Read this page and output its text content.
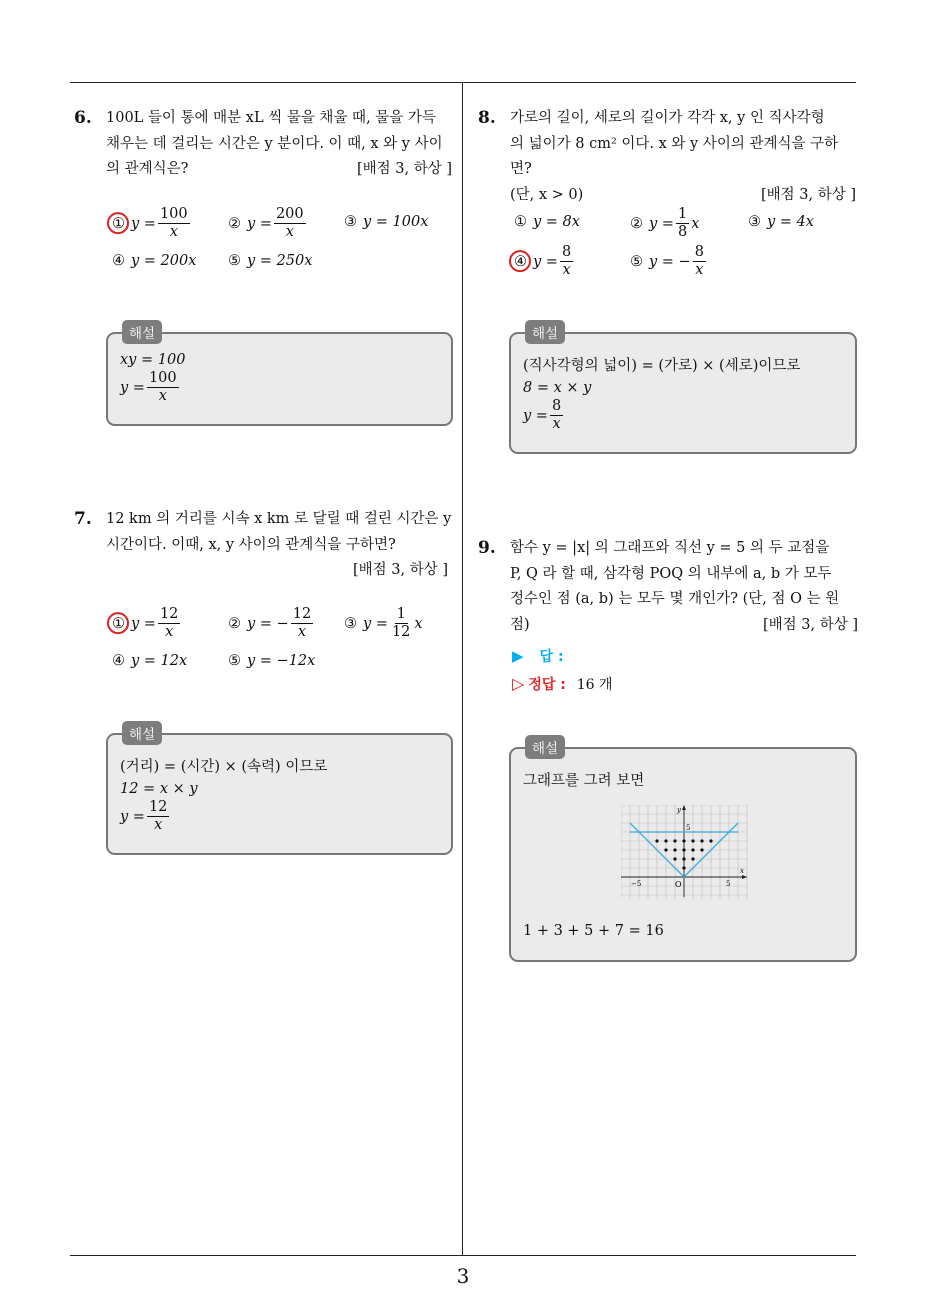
3
6. 100L 들이 통에 매분 xL 씩 물을 채울 때, 물을 가득
채우는 데 걸리는 시간은 y 분이다. 이 때, x 와 y 사이
의 관계식은?	[배점 3, 하상 ]
① $y = \frac{100}{x}$	② $y = \frac{200}{x}$	③ y = 100x
④ y = 200x ⑤ y = 250x
해설
xy = 100
$y = \frac{100}{x}$
7. 12 km 의 거리를 시속 x km 로 달릴 때 걸린 시간은 y
시간이다. 이때, x, y 사이의 관계식을 구하면?
[배점 3, 하상 ]
① $y = \frac{12}{x}$	② y = − $\frac{12}{x}$ ③ $y = \frac{1}{12}$ x
④ y = 12x	⑤ y = −12x
해설
(거리) = (시간) × (속력) 이므로
12 = x × y
$y = \frac{12}{x}$
8. 가로의 길이, 세로의 길이가 각각 x, y 인 직사각형
의 넓이가 8 cm² 이다. x 와 y 사이의 관계식을 구하면?
(단, x > 0)	[배점 3, 하상 ]
① y = 8x	② $y = \frac{1}{8}$ x	③ y = 4x
④ $y = \frac{8}{x}$	⑤ y = − $\frac{8}{x}$
해설
(직사각형의 넓이) = (가로) × (세로)이므로
8 = x × y
$y = \frac{8}{x}$
9. 함수 y = |x| 의 그래프와 직선 y = 5 의 두 교점을
P, Q 라 할 때, 삼각형 POQ 의 내부에 a, b 가 모두
정수인 점 (a, b) 는 모두 몇 개인가? (단, 점 O 는 원
점)	[배점 3, 하상 ]
▶ 답 :
▷ 정답 : 16 개
해설
그래프를 그려 보면
y
x
O
5
−5	5
1 + 3 + 5 + 7 = 16
